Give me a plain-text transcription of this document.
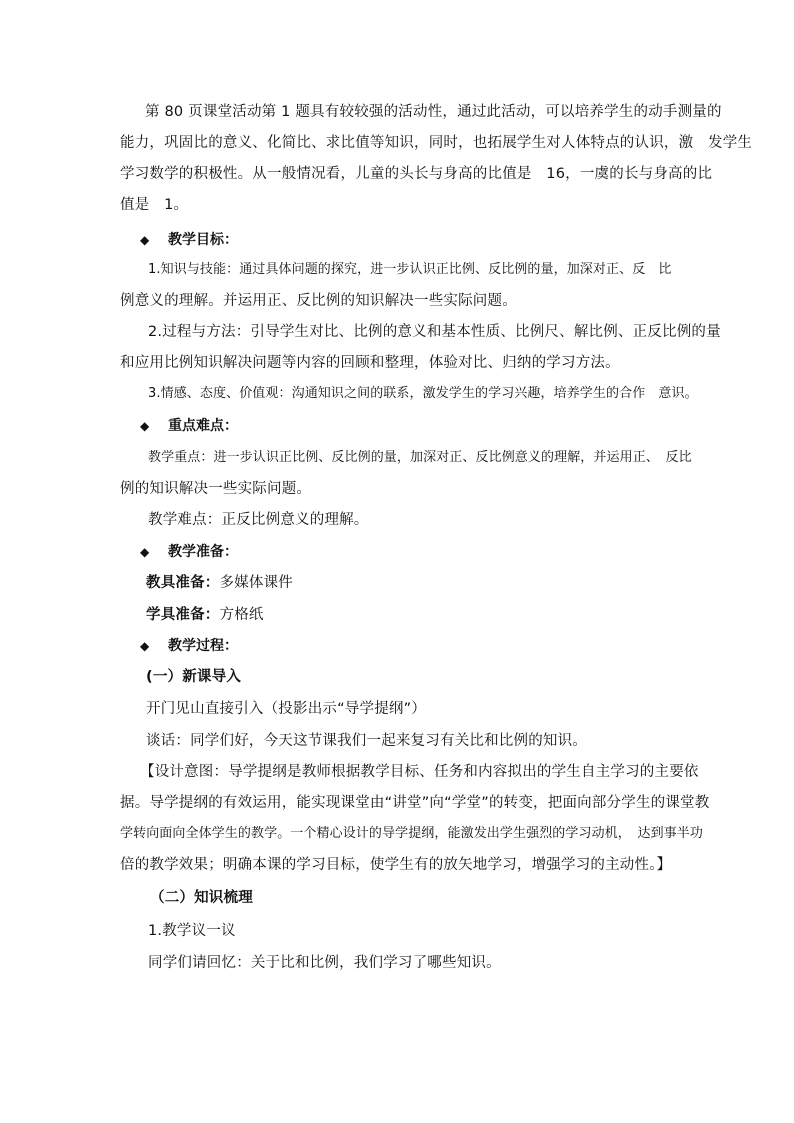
第 80 页课堂活动第 1 题具有较较强的活动性，通过此活动，可以培养学生的动手测量的
能力，巩固比的意义、化简比、求比值等知识，同时，也拓展学生对人体特点的认识，激　发学生
学习数学的积极性。从一般情况看，儿童的头长与身高的比值是　16，一虞的长与身高的比
值是　1。
◆ 教学目标：
1.知识与技能：通过具体问题的探究，进一步认识正比例、反比例的量，加深对正、反　比
例意义的理解。并运用正、反比例的知识解决一些实际问题。
2.过程与方法：引导学生对比、比例的意义和基本性质、比例尺、解比例、正反比例的量
和应用比例知识解决问题等内容的回顾和整理，体验对比、归纳的学习方法。
3.情感、态度、价值观：沟通知识之间的联系，激发学生的学习兴趣，培养学生的合作　意识。
◆ 重点难点：
教学重点：进一步认识正比例、反比例的量，加深对正、反比例意义的理解，并运用正、　反比
例的知识解决一些实际问题。
教学难点：正反比例意义的理解。
◆ 教学准备：
教具准备：多媒体课件
学具准备：方格纸
◆ 教学过程：
(一）新课导入
开门见山直接引入（投影出示“导学提纲”）
谈话：同学们好，今天这节课我们一起来复习有关比和比例的知识。
【设计意图：导学提纲是教师根据教学目标、任务和内容拟出的学生自主学习的主要依
据。导学提纲的有效运用，能实现课堂由“讲堂”向“学堂”的转变，把面向部分学生的课堂教
学转向面向全体学生的教学。一个精心设计的导学提纲，能激发出学生强烈的学习动机，　达到事半功
倍的教学效果；明确本课的学习目标，使学生有的放矢地学习，增强学习的主动性。】
（二）知识梳理
1.教学议一议
同学们请回忆：关于比和比例，我们学习了哪些知识。
